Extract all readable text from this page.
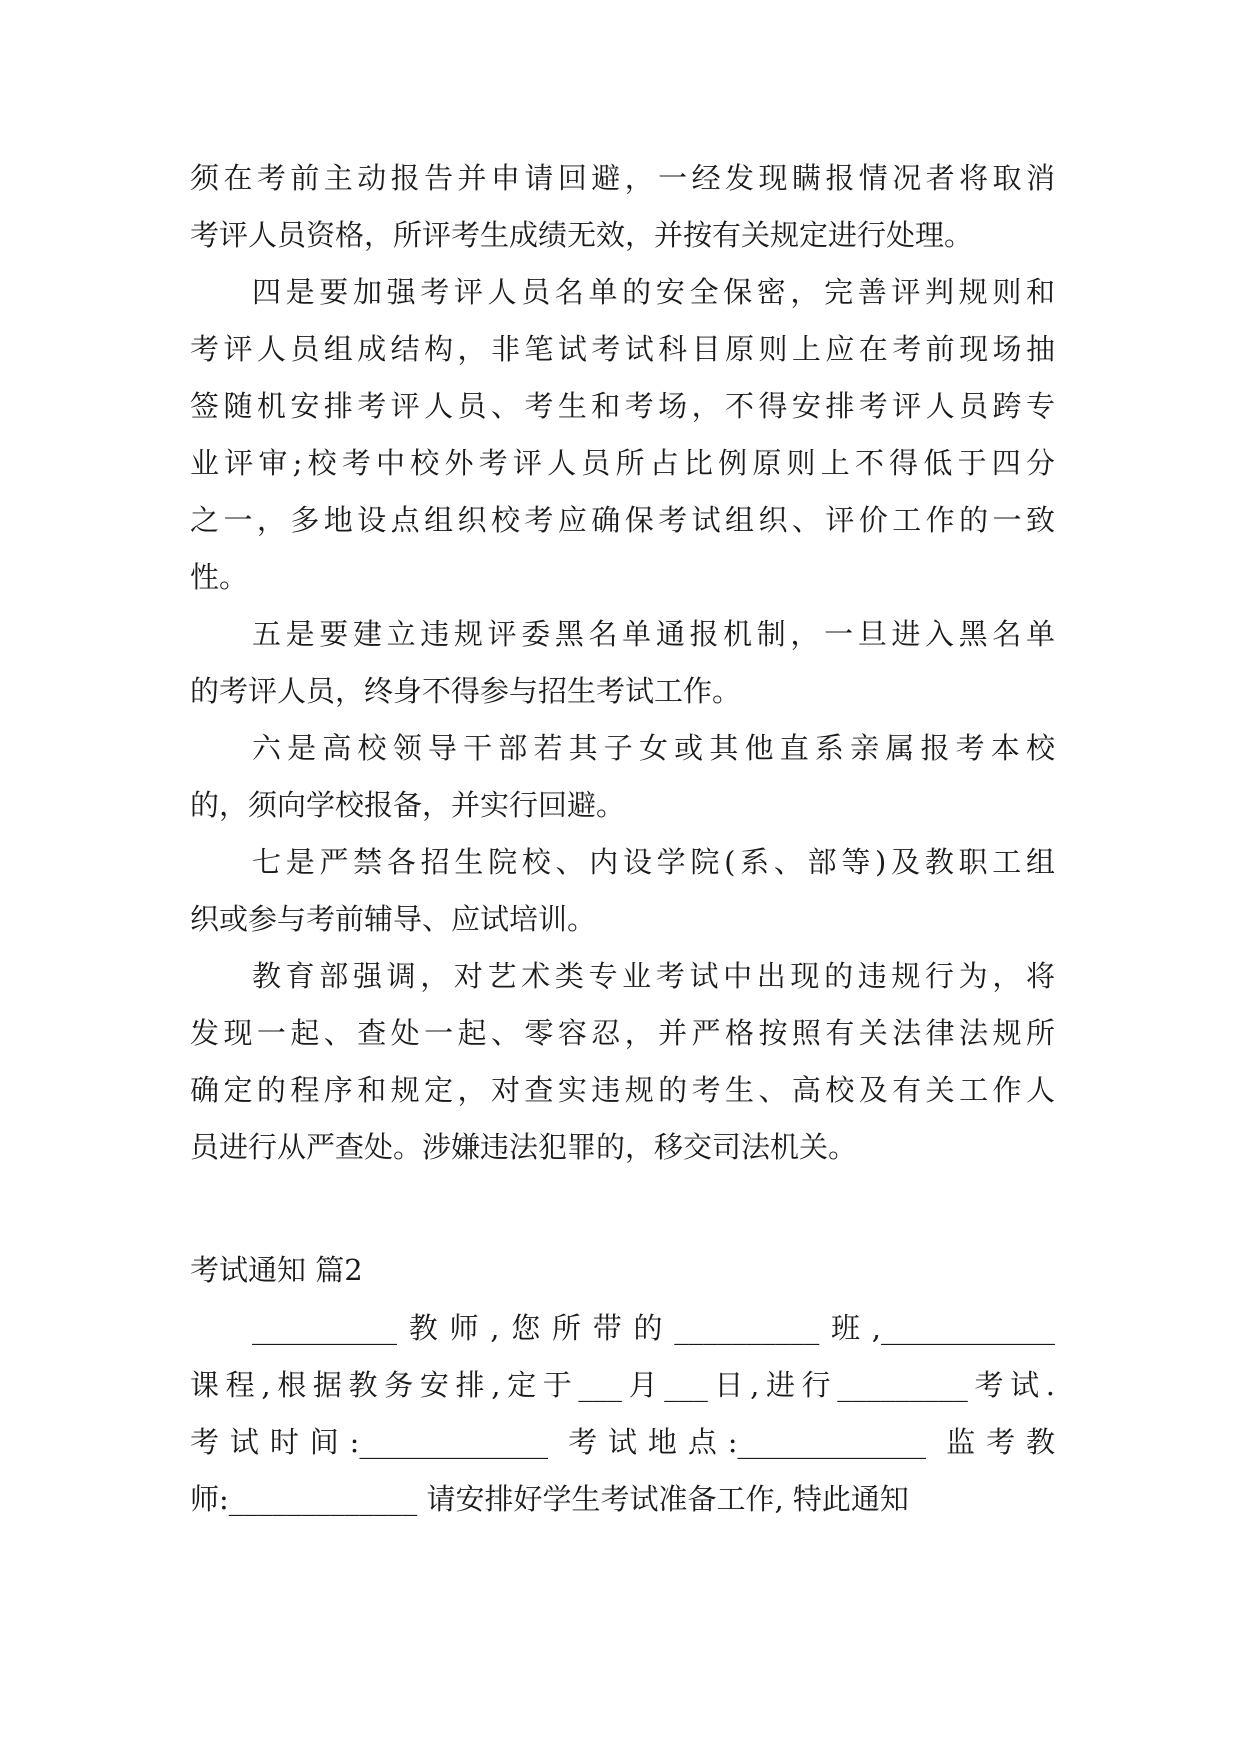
须在考前主动报告并申请回避，一经发现瞒报情况者将取消
考评人员资格，所评考生成绩无效，并按有关规定进行处理。
四是要加强考评人员名单的安全保密，完善评判规则和
考评人员组成结构，非笔试考试科目原则上应在考前现场抽
签随机安排考评人员、考生和考场，不得安排考评人员跨专
业评审;校考中校外考评人员所占比例原则上不得低于四分
之一，多地设点组织校考应确保考试组织、评价工作的一致
性。
五是要建立违规评委黑名单通报机制，一旦进入黑名单
的考评人员，终身不得参与招生考试工作。
六是高校领导干部若其子女或其他直系亲属报考本校
的，须向学校报备，并实行回避。
七是严禁各招生院校、内设学院(系、部等)及教职工组
织或参与考前辅导、应试培训。
教育部强调，对艺术类专业考试中出现的违规行为，将
发现一起、查处一起、零容忍，并严格按照有关法律法规所
确定的程序和规定，对查实违规的考生、高校及有关工作人
员进行从严查处。涉嫌违法犯罪的，移交司法机关。
考试通知 篇2
__________教师,您所带的__________班,____________
课程,根据教务安排,定于___月___日,进行_________考试.
考试时间:_____________ 考试地点:_____________ 监考教
师:_____________ 请安排好学生考试准备工作, 特此通知
